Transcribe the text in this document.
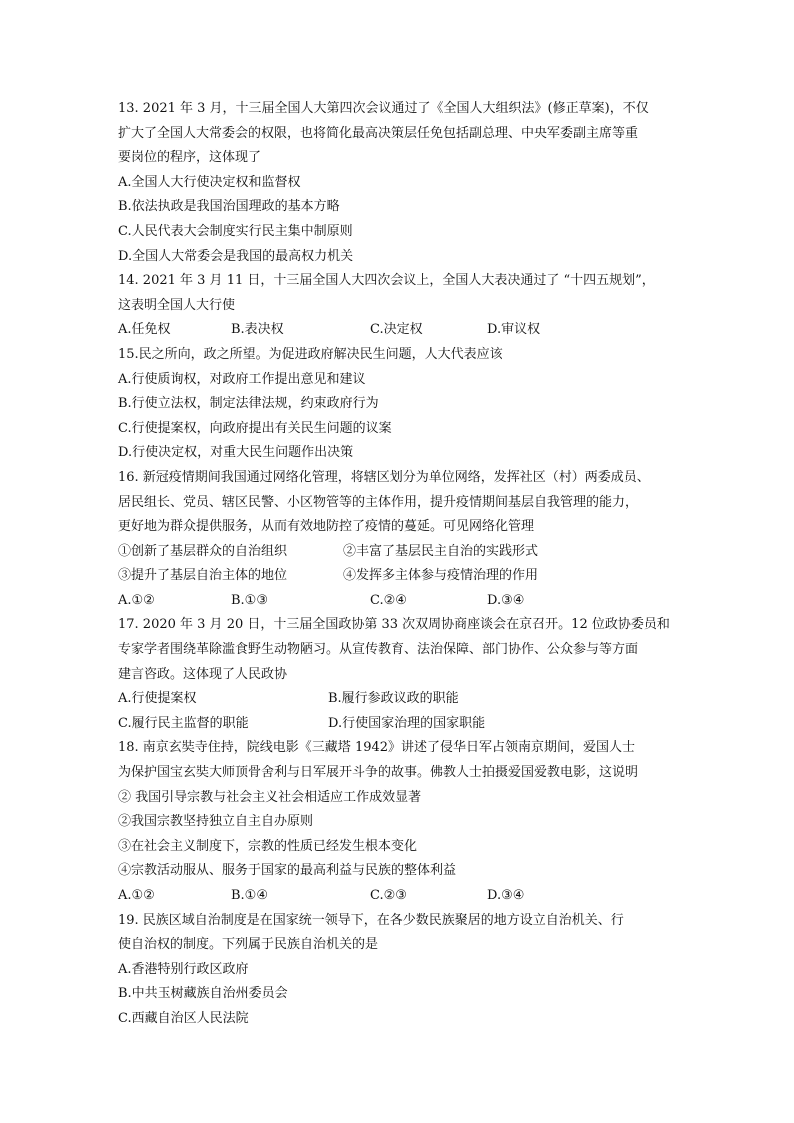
13. 2021 年 3 月，十三届全国人大第四次会议通过了《全国人大组织法》(修正草案)，不仅
扩大了全国人大常委会的权限，也将简化最高决策层任免包括副总理、中央军委副主席等重
要岗位的程序，这体现了
A.全国人大行使决定权和监督权
B.依法执政是我国治国理政的基本方略
C.人民代表大会制度实行民主集中制原则
D.全国人大常委会是我国的最高权力机关
14. 2021 年 3 月 11 日，十三届全国人大四次会议上，全国人大表决通过了 “十四五规划”，
这表明全国人大行使
A.任免权	B.表决权	C.决定权	D.审议权
15.民之所向，政之所望。为促进政府解决民生问题，人大代表应该
A.行使质询权，对政府工作提出意见和建议
B.行使立法权，制定法律法规，约束政府行为
C.行使提案权，向政府提出有关民生问题的议案
D.行使决定权，对重大民生问题作出决策
16. 新冠疫情期间我国通过网络化管理，将辖区划分为单位网络，发挥社区（村）两委成员、
居民组长、党员、辖区民警、小区物管等的主体作用，提升疫情期间基层自我管理的能力，
更好地为群众提供服务，从而有效地防控了疫情的蔓延。可见网络化管理
①创新了基层群众的自治组织	②丰富了基层民主自治的实践形式
③提升了基层自治主体的地位	④发挥多主体参与疫情治理的作用
A.①②	B.①③	C.②④	D.③④
17. 2020 年 3 月 20 日，十三届全国政协第 33 次双周协商座谈会在京召开。12 位政协委员和
专家学者围绕革除滥食野生动物陋习。从宣传教育、法治保障、部门协作、公众参与等方面
建言咨政。这体现了人民政协
A.行使提案权	B.履行参政议政的职能
C.履行民主监督的职能	D.行使国家治理的国家职能
18. 南京玄奘寺住持，院线电影《三藏塔 1942》讲述了侵华日军占领南京期间，爱国人士
为保护国宝玄奘大师顶骨舍利与日军展开斗争的故事。佛教人士拍摄爱国爱教电影，这说明
② 我国引导宗教与社会主义社会相适应工作成效显著
②我国宗教坚持独立自主自办原则
③在社会主义制度下，宗教的性质已经发生根本变化
④宗教活动服从、服务于国家的最高利益与民族的整体利益
A.①②	B.①④	C.②③	D.③④
19. 民族区域自治制度是在国家统一领导下，在各少数民族聚居的地方设立自治机关、行
使自治权的制度。下列属于民族自治机关的是
A.香港特别行政区政府
B.中共玉树藏族自治州委员会
C.西藏自治区人民法院
